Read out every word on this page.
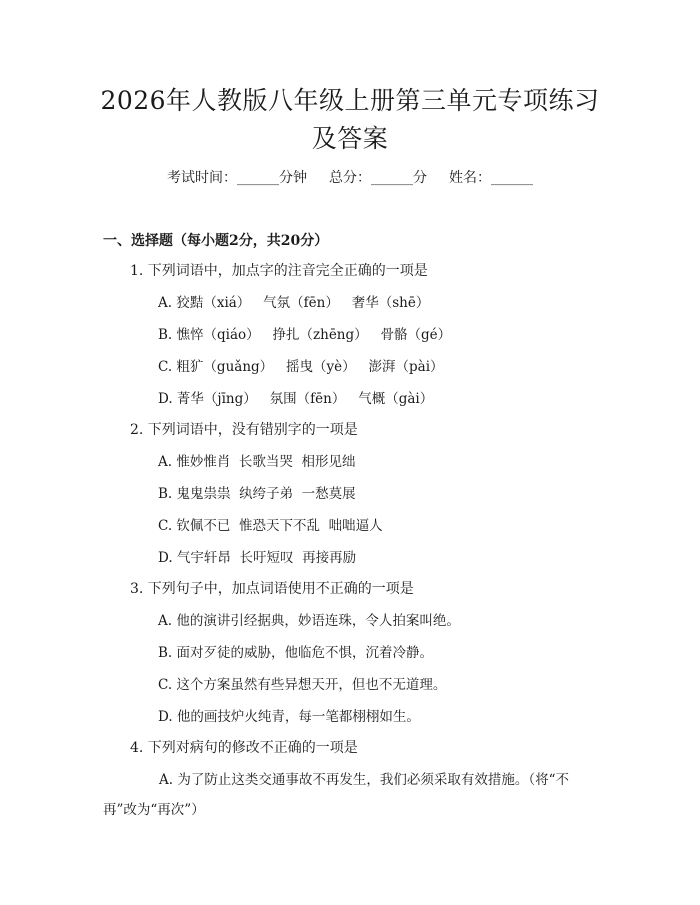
2026年人教版八年级上册第三单元专项练习
及答案
考试时间：______分钟 总分：______分 姓名：______
一、选择题（每小题2分，共20分）
1. 下列词语中，加点字的注音完全正确的一项是
A. 狡黠（xiá）   气氛（fēn）   奢华（shē）
B. 憔悴（qiáo）   挣扎（zhēng）   骨骼（gé）
C. 粗犷（guǎng）   摇曳（yè）   澎湃（pài）
D. 菁华（jīng）   氛围（fēn）   气概（gài）
2. 下列词语中，没有错别字的一项是
A. 惟妙惟肖  长歌当哭  相形见绌
B. 鬼鬼祟祟  纨绔子弟  一愁莫展
C. 钦佩不已  惟恐天下不乱  咄咄逼人
D. 气宇轩昂  长吁短叹  再接再励
3. 下列句子中，加点词语使用不正确的一项是
A. 他的演讲引经据典，妙语连珠，令人拍案叫绝。
B. 面对歹徒的威胁，他临危不惧，沉着冷静。
C. 这个方案虽然有些异想天开，但也不无道理。
D. 他的画技炉火纯青，每一笔都栩栩如生。
4. 下列对病句的修改不正确的一项是
A. 为了防止这类交通事故不再发生，我们必须采取有效措施。（将“不再”改为“再次”）
